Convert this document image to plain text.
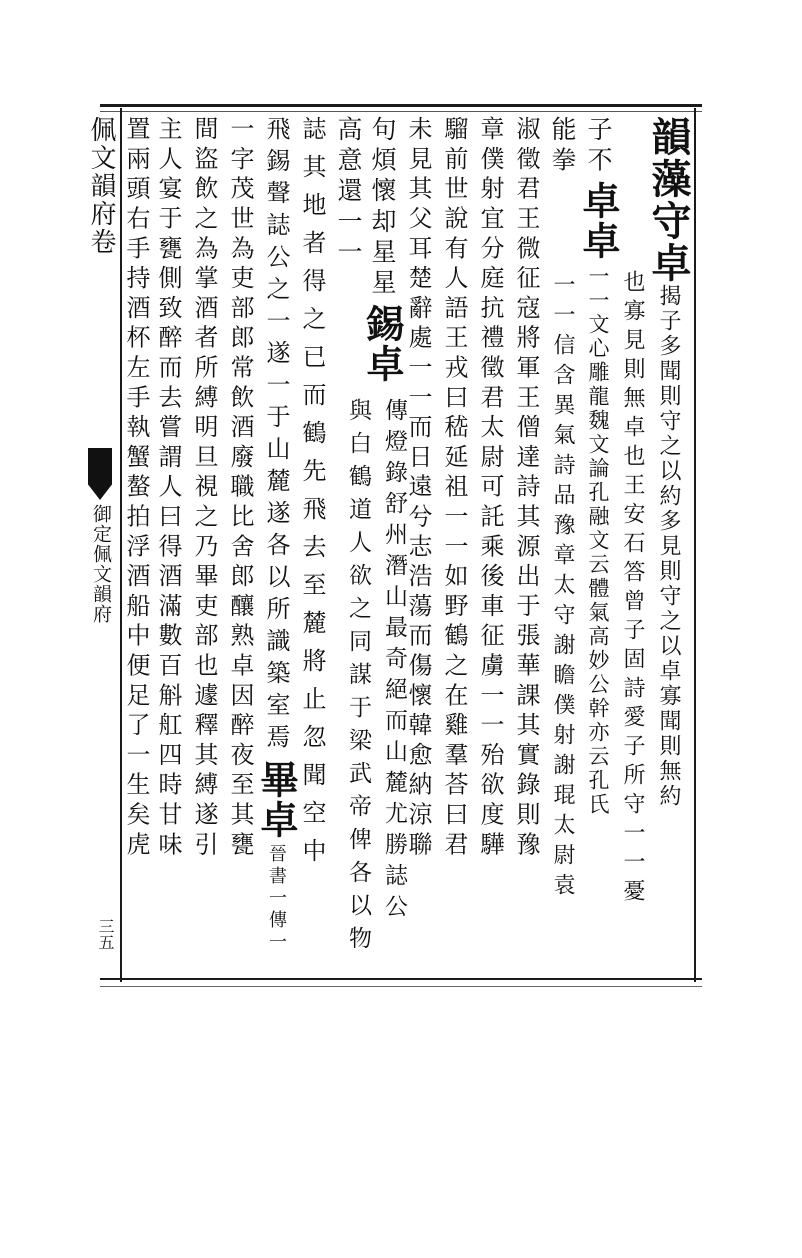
佩文韻府卷
御定佩文韻府
三五
韻藻守卓
揭子多聞則守之以約多見則守之以卓寡聞則無約
也寡見則無卓也王安石答曾子固詩愛子所守一一憂
子不
卓卓
一一文心雕龍魏文論孔融文云體氣高妙公幹亦云孔氏
能拳
一一信含異氣詩品豫章太守謝瞻僕射謝琨太尉袁
淑徵君王微征寇將軍王僧達詩其源出于張華課其實錄則豫
章僕射宜分庭抗禮徵君太尉可託乘後車征虜一一殆欲度驊
騮前世說有人語王戎曰嵇延祖一一如野鶴之在雞羣荅曰君
未見其父耳楚辭處一一而日遠兮志浩蕩而傷懷韓愈納涼聯
句煩懷却星星
錫卓
傳燈錄舒州潛山最奇絕而山麓尤勝誌公
高意還一一
與白鶴道人欲之同謀于梁武帝俾各以物
誌其地者得之已而鶴先飛去至麓將止忽聞空中
飛錫聲誌公之一遂一于山麓遂各以所識築室焉
畢卓
晉書一傳一
一字茂世為吏部郎常飲酒廢職比舍郎釀熟卓因醉夜至其甕
間盜飲之為掌酒者所縛明旦視之乃畢吏部也遽釋其縛遂引
主人宴于甕側致醉而去嘗謂人曰得酒滿數百斛舡四時甘味
置兩頭右手持酒杯左手執蟹螯拍浮酒船中便足了一生矣虎
